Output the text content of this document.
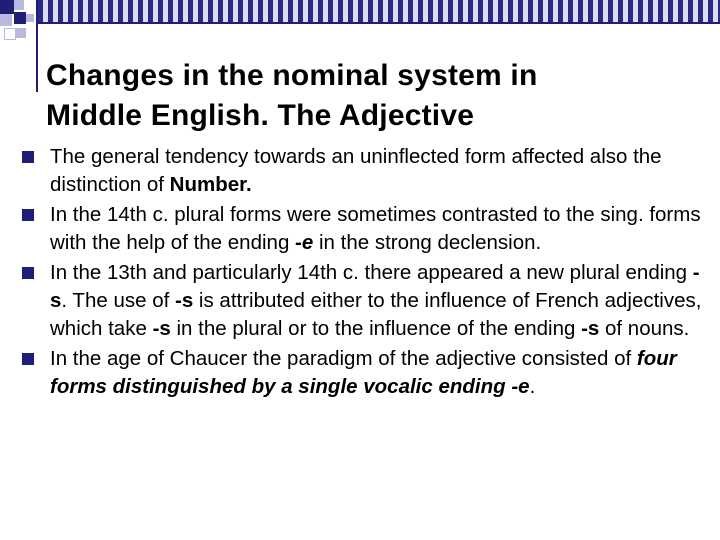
Changes in the nominal system in
Middle English. The Adjective
The general tendency towards an uninflected form affected also the distinction of Number.
In the 14th c. plural forms were sometimes contrasted to the sing. forms with the help of the ending -e in the strong declension.
In the 13th and particularly 14th c. there appeared a new plural ending -s. The use of -s is attributed either to the influence of French adjectives, which take -s in the plural or to the influence of the ending -s of nouns.
In the age of Chaucer the paradigm of the adjective consisted of four forms distinguished by a single vocalic ending -e.
